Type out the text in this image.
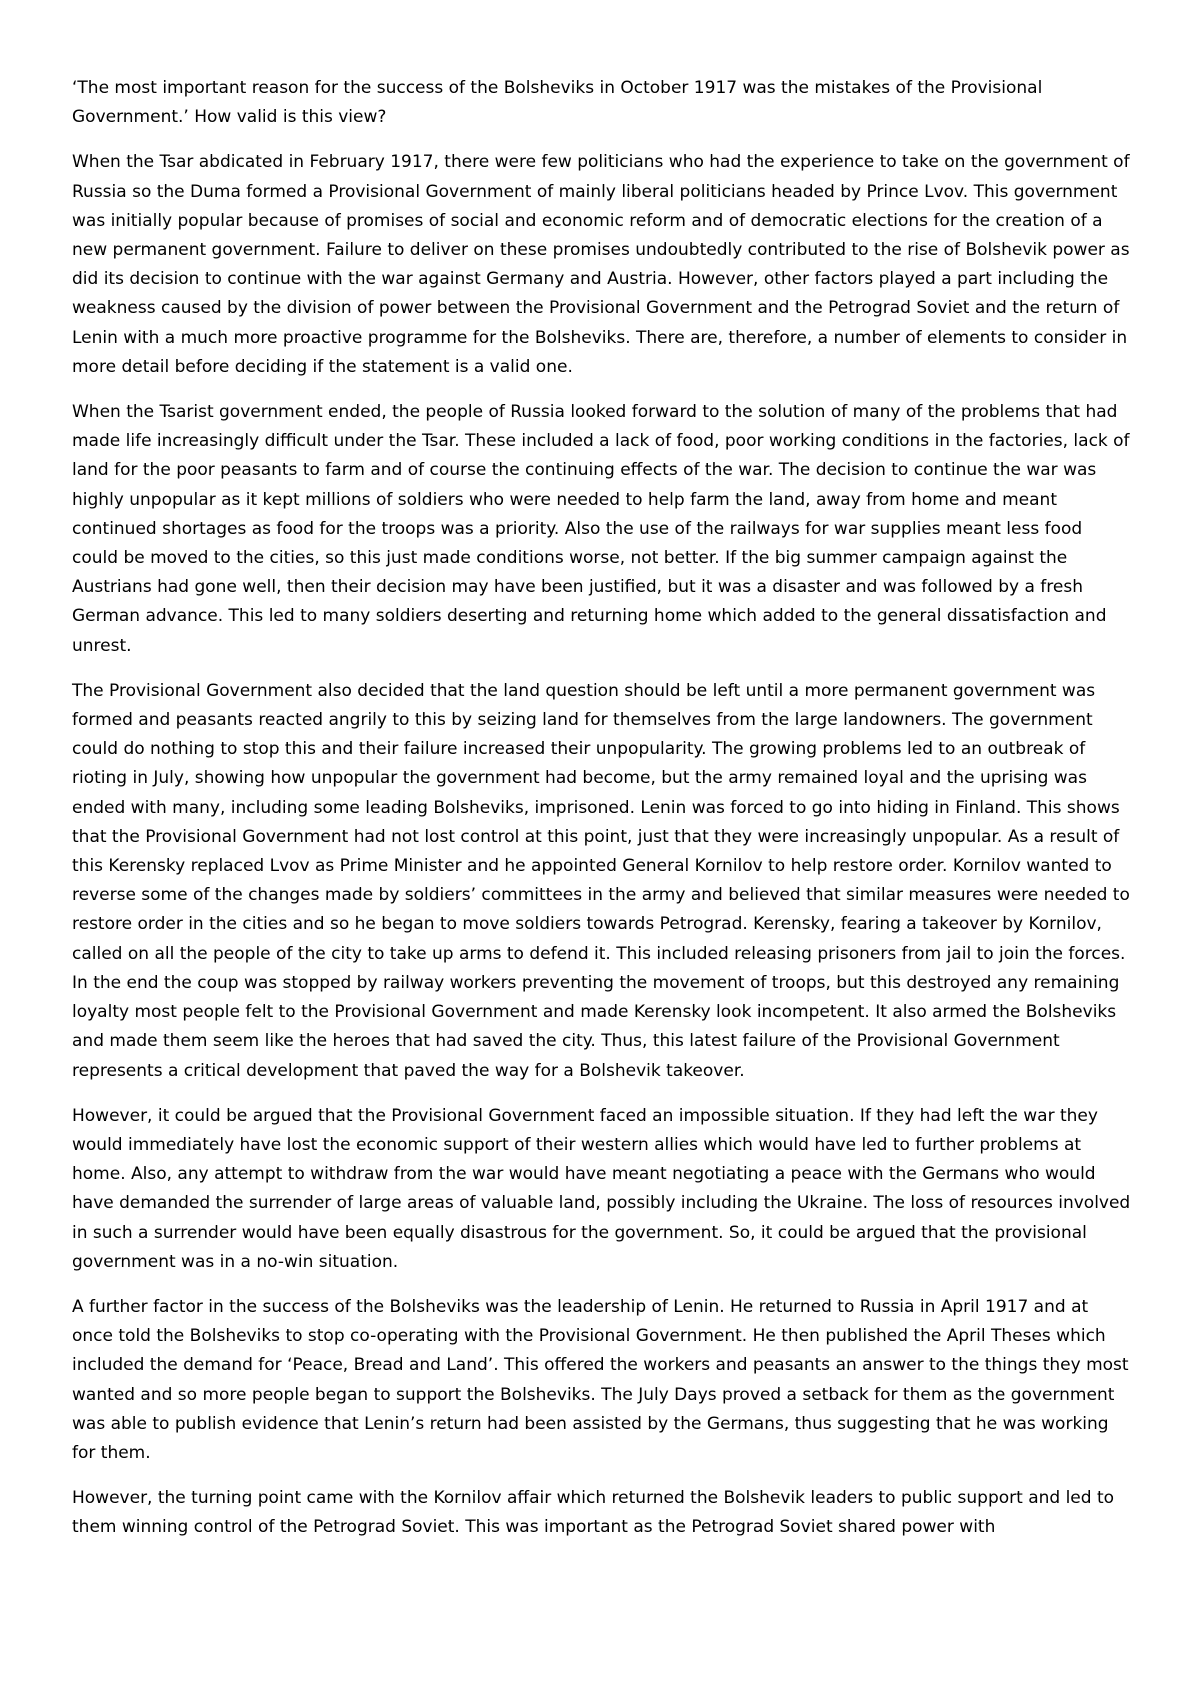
‘The most important reason for the success of the Bolsheviks in October 1917 was the mistakes of the Provisional Government.’ How valid is this view?

When the Tsar abdicated in February 1917, there were few politicians who had the experience to take on the government of Russia so the Duma formed a Provisional Government of mainly liberal politicians headed by Prince Lvov. This government was initially popular because of promises of social and economic reform and of democratic elections for the creation of a new permanent government. Failure to deliver on these promises undoubtedly contributed to the rise of Bolshevik power as did its decision to continue with the war against Germany and Austria. However, other factors played a part including the weakness caused by the division of power between the Provisional Government and the Petrograd Soviet and the return of Lenin with a much more proactive programme for the Bolsheviks. There are, therefore, a number of elements to consider in more detail before deciding if the statement is a valid one.

When the Tsarist government ended, the people of Russia looked forward to the solution of many of the problems that had made life increasingly difficult under the Tsar. These included a lack of food, poor working conditions in the factories, lack of land for the poor peasants to farm and of course the continuing effects of the war. The decision to continue the war was highly unpopular as it kept millions of soldiers who were needed to help farm the land, away from home and meant continued shortages as food for the troops was a priority. Also the use of the railways for war supplies meant less food could be moved to the cities, so this just made conditions worse, not better. If the big summer campaign against the Austrians had gone well, then their decision may have been justified, but it was a disaster and was followed by a fresh German advance. This led to many soldiers deserting and returning home which added to the general dissatisfaction and unrest.

The Provisional Government also decided that the land question should be left until a more permanent government was formed and peasants reacted angrily to this by seizing land for themselves from the large landowners. The government could do nothing to stop this and their failure increased their unpopularity. The growing problems led to an outbreak of rioting in July, showing how unpopular the government had become, but the army remained loyal and the uprising was ended with many, including some leading Bolsheviks, imprisoned. Lenin was forced to go into hiding in Finland. This shows that the Provisional Government had not lost control at this point, just that they were increasingly unpopular. As a result of this Kerensky replaced Lvov as Prime Minister and he appointed General Kornilov to help restore order. Kornilov wanted to reverse some of the changes made by soldiers’ committees in the army and believed that similar measures were needed to restore order in the cities and so he began to move soldiers towards Petrograd. Kerensky, fearing a takeover by Kornilov, called on all the people of the city to take up arms to defend it. This included releasing prisoners from jail to join the forces. In the end the coup was stopped by railway workers preventing the movement of troops, but this destroyed any remaining loyalty most people felt to the Provisional Government and made Kerensky look incompetent. It also armed the Bolsheviks and made them seem like the heroes that had saved the city. Thus, this latest failure of the Provisional Government represents a critical development that paved the way for a Bolshevik takeover.

However, it could be argued that the Provisional Government faced an impossible situation. If they had left the war they would immediately have lost the economic support of their western allies which would have led to further problems at home. Also, any attempt to withdraw from the war would have meant negotiating a peace with the Germans who would have demanded the surrender of large areas of valuable land, possibly including the Ukraine. The loss of resources involved in such a surrender would have been equally disastrous for the government. So, it could be argued that the provisional government was in a no-win situation.

A further factor in the success of the Bolsheviks was the leadership of Lenin. He returned to Russia in April 1917 and at once told the Bolsheviks to stop co-operating with the Provisional Government. He then published the April Theses which included the demand for ‘Peace, Bread and Land’. This offered the workers and peasants an answer to the things they most wanted and so more people began to support the Bolsheviks. The July Days proved a setback for them as the government was able to publish evidence that Lenin’s return had been assisted by the Germans, thus suggesting that he was working for them.

However, the turning point came with the Kornilov affair which returned the Bolshevik leaders to public support and led to them winning control of the Petrograd Soviet. This was important as the Petrograd Soviet shared power with
